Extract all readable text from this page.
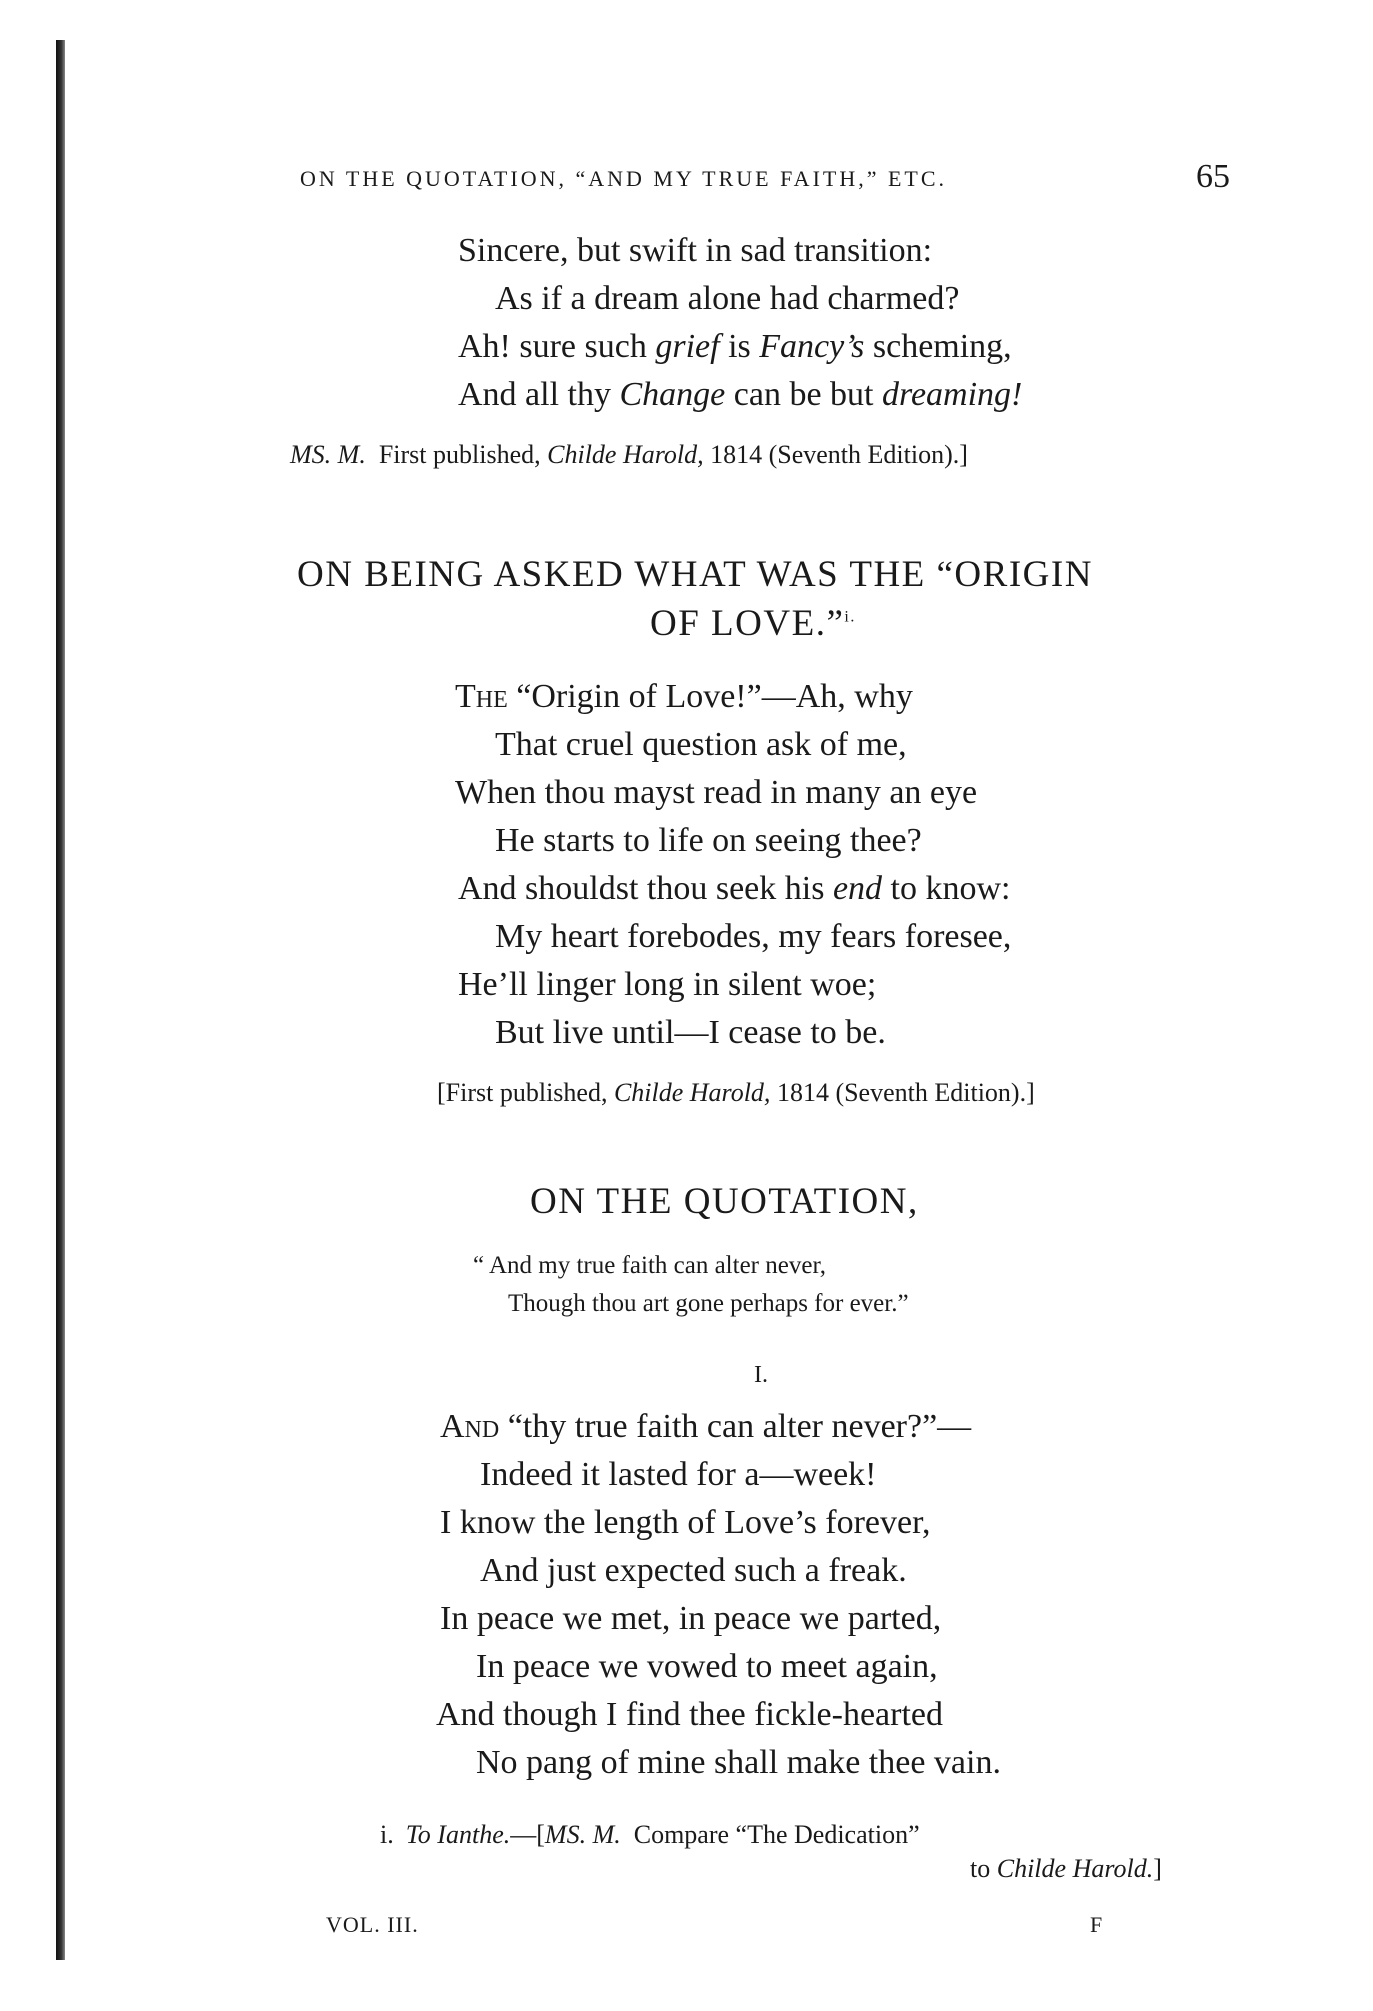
ON THE QUOTATION, “AND MY TRUE FAITH,” ETC.	65
Sincere, but swift in sad transition:
As if a dream alone had charmed?
Ah! sure such grief is Fancy’s scheming,
And all thy Change can be but dreaming!
MS. M.  First published, Childe Harold, 1814 (Seventh Edition).]
ON BEING ASKED WHAT WAS THE “ORIGIN
OF LOVE.”$^{i.}$
The “Origin of Love!”—Ah, why
That cruel question ask of me,
When thou mayst read in many an eye
He starts to life on seeing thee?
And shouldst thou seek his end to know:
My heart forebodes, my fears foresee,
He’ll linger long in silent woe;
But live until—I cease to be.
[First published, Childe Harold, 1814 (Seventh Edition).]
ON THE QUOTATION,
“ And my true faith can alter never,
Though thou art gone perhaps for ever.”
I.
And “thy true faith can alter never?”—
Indeed it lasted for a—week!
I know the length of Love’s forever,
And just expected such a freak.
In peace we met, in peace we parted,
In peace we vowed to meet again,
And though I find thee fickle-hearted
No pang of mine shall make thee vain.
i. To Ianthe.—[MS. M.  Compare “The Dedication”
to Childe Harold.]
VOL. III.	F
